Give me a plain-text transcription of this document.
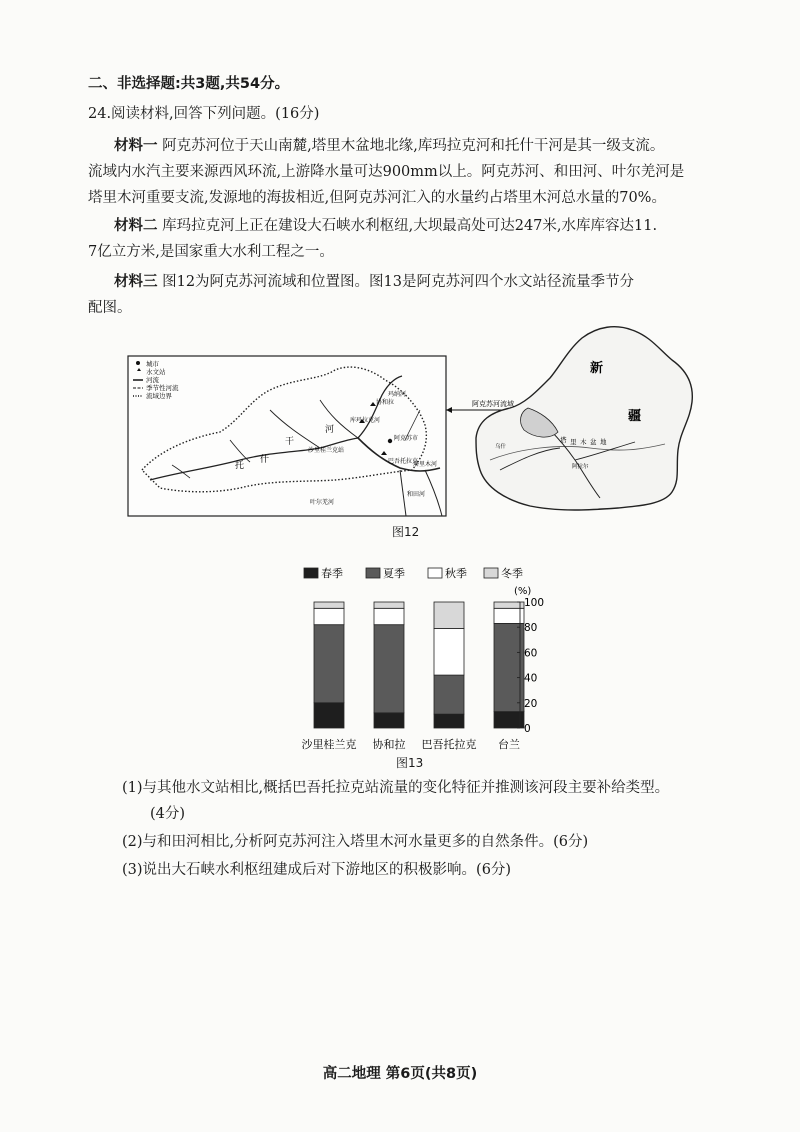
二、非选择题:共3题,共54分。
24.阅读材料,回答下列问题。(16分)
材料一 阿克苏河位于天山南麓,塔里木盆地北缘,库玛拉克河和托什干河是其一级支流。
流域内水汽主要来源西风环流,上游降水量可达900mm以上。阿克苏河、和田河、叶尔羌河是
塔里木河重要支流,发源地的海拔相近,但阿克苏河汇入的水量约占塔里木河总水量的70%。
材料二 库玛拉克河上正在建设大石峡水利枢纽,大坝最高处可达247米,水库库容达11.
7亿立方米,是国家重大水利工程之一。
材料三 图12为阿克苏河流域和位置图。图13是阿克苏河四个水文站径流量季节分
配图。
城市
水文站
河流
季节性河流
流域边界
托
什
干
河
库玛拉克河
协和拉
沙里桂兰克站
阿克苏市
巴吾托拉克
塔里木河
叶尔羌河
和田河
玛纳河
新
疆
阿克苏河流域
塔 里 木 盆 地
乌什
阿拉尔
图12
春季	夏季	秋季	冬季
0
20
40
60
80
100
(%)
沙里桂兰克 协和拉 巴吾托拉克 台兰
图13
(1)与其他水文站相比,概括巴吾托拉克站流量的变化特征并推测该河段主要补给类型。
(4分)
(2)与和田河相比,分析阿克苏河注入塔里木河水量更多的自然条件。(6分)
(3)说出大石峡水利枢纽建成后对下游地区的积极影响。(6分)
高二地理 第6页(共8页)
